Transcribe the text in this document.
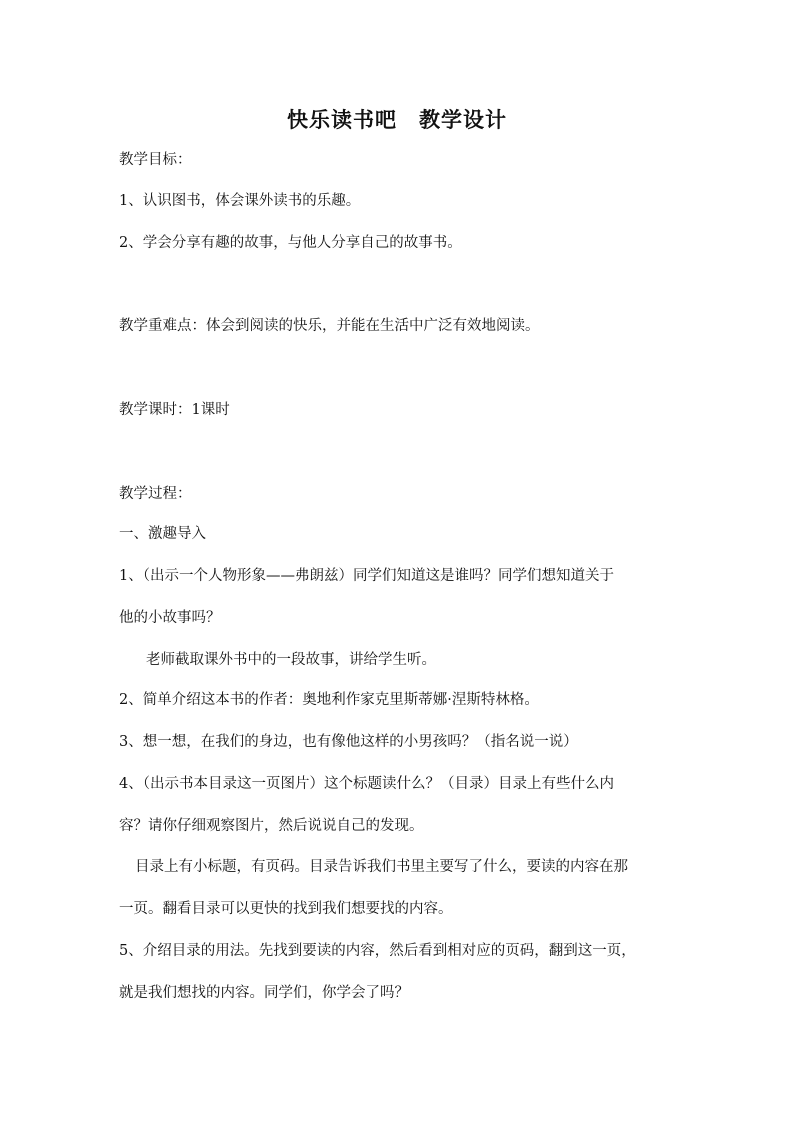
快乐读书吧　教学设计
教学目标：
1、认识图书，体会课外读书的乐趣。
2、学会分享有趣的故事，与他人分享自己的故事书。
教学重难点：体会到阅读的快乐，并能在生活中广泛有效地阅读。
教学课时：1课时
教学过程：
一、激趣导入
1、（出示一个人物形象——弗朗兹）同学们知道这是谁吗？同学们想知道关于
他的小故事吗？
老师截取课外书中的一段故事，讲给学生听。
2、简单介绍这本书的作者：奥地利作家克里斯蒂娜·涅斯特林格。
3、想一想，在我们的身边，也有像他这样的小男孩吗？（指名说一说）
4、（出示书本目录这一页图片）这个标题读什么？（目录）目录上有些什么内
容？请你仔细观察图片，然后说说自己的发现。
目录上有小标题，有页码。目录告诉我们书里主要写了什么，要读的内容在那
一页。翻看目录可以更快的找到我们想要找的内容。
5、介绍目录的用法。先找到要读的内容，然后看到相对应的页码，翻到这一页，
就是我们想找的内容。同学们，你学会了吗？
